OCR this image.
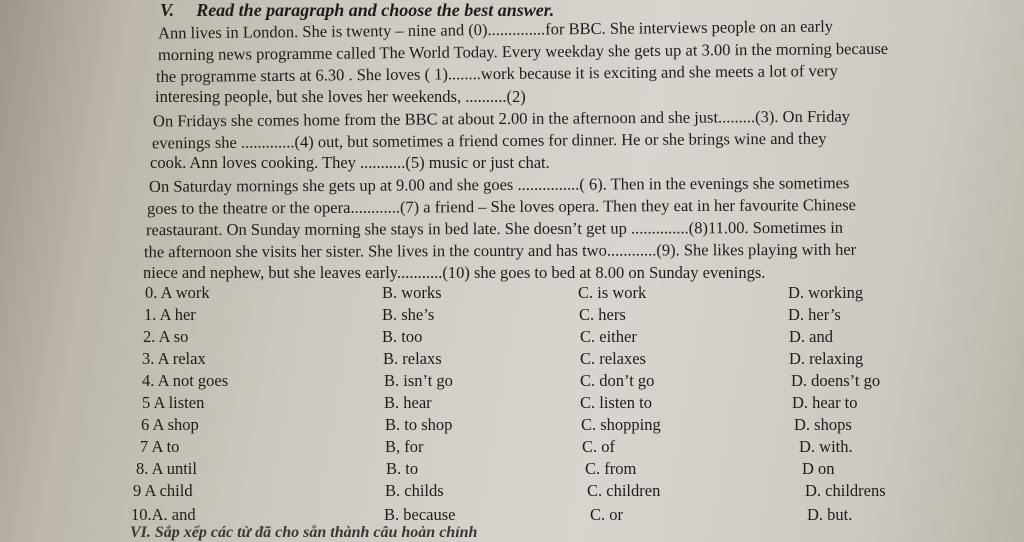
V. Read the paragraph and choose the best answer.
Ann lives in London. She is twenty – nine and (0)..............for BBC. She interviews people on an early
morning news programme called The World Today. Every weekday she gets up at 3.00 in the morning because
the programme starts at 6.30 . She loves ( 1)........work because it is exciting and she meets a lot of very
interesing people, but she loves her weekends, ..........(2)
On Fridays she comes home from the BBC at about 2.00 in the afternoon and she just.........(3). On Friday
evenings she .............(4) out, but sometimes a friend comes for dinner. He or she brings wine and they
cook. Ann loves cooking. They ...........(5) music or just chat.
On Saturday mornings she gets up at 9.00 and she goes ...............( 6). Then in the evenings she sometimes
goes to the theatre or the opera............(7) a friend – She loves opera. Then they eat in her favourite Chinese
reastaurant. On Sunday morning she stays in bed late. She doesn’t get up ..............(8)11.00. Sometimes in
the afternoon she visits her sister. She lives in the country and has two............(9). She likes playing with her
niece and nephew, but she leaves early...........(10) she goes to bed at 8.00 on Sunday evenings.
0. A work	B. works	C. is work	D. working
1. A her	B. she’s	C. hers	D. her’s
2. A so	B. too	C. either	D. and
3. A relax	B. relaxs	C. relaxes	D. relaxing
4. A not goes	B. isn’t go	C. don’t go	D. doens’t go
5 A listen	B. hear	C. listen to	D. hear to
6 A shop	B. to shop	C. shopping	D. shops
7 A to	B, for	C. of	D. with.
8. A until	B. to	C. from	D on
9 A child	B. childs	C. children	D. childrens
10.A. and	B. because	C. or	D. but.
VI. Sắp xếp các từ đã cho sẵn thành câu hoàn chỉnh
